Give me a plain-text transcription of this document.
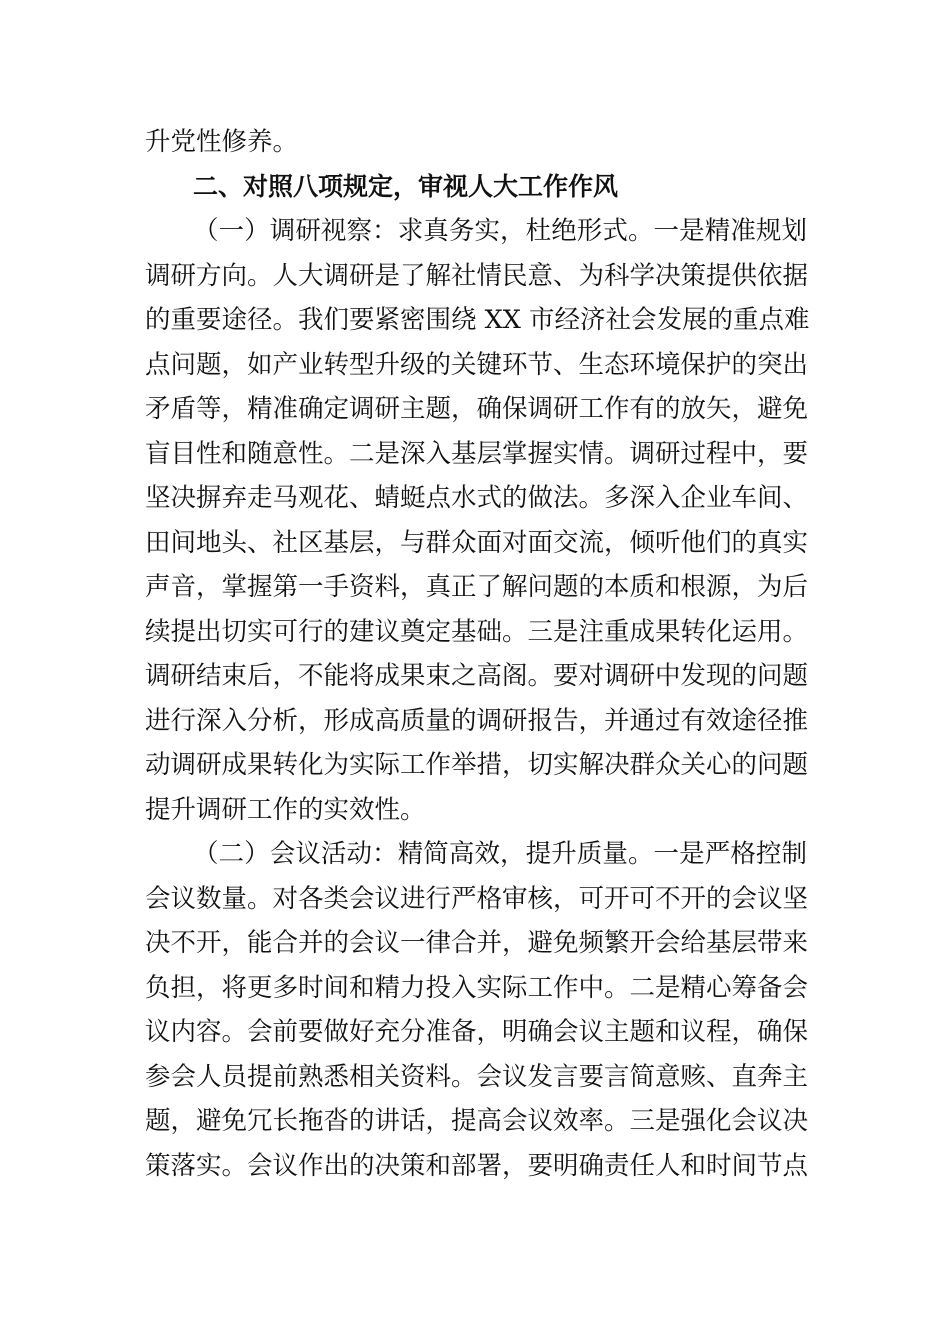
升党性修养。
二、对照八项规定，审视人大工作作风
（一）调研视察：求真务实，杜绝形式。一是精准规划
调研方向。人大调研是了解社情民意、为科学决策提供依据
的重要途径。我们要紧密围绕 XX 市经济社会发展的重点难
点问题，如产业转型升级的关键环节、生态环境保护的突出
矛盾等，精准确定调研主题，确保调研工作有的放矢，避免
盲目性和随意性。二是深入基层掌握实情。调研过程中，要
坚决摒弃走马观花、蜻蜓点水式的做法。多深入企业车间、
田间地头、社区基层，与群众面对面交流，倾听他们的真实
声音，掌握第一手资料，真正了解问题的本质和根源，为后
续提出切实可行的建议奠定基础。三是注重成果转化运用。
调研结束后，不能将成果束之高阁。要对调研中发现的问题
进行深入分析，形成高质量的调研报告，并通过有效途径推
动调研成果转化为实际工作举措，切实解决群众关心的问题
提升调研工作的实效性。
（二）会议活动：精简高效，提升质量。一是严格控制
会议数量。对各类会议进行严格审核，可开可不开的会议坚
决不开，能合并的会议一律合并，避免频繁开会给基层带来
负担，将更多时间和精力投入实际工作中。二是精心筹备会
议内容。会前要做好充分准备，明确会议主题和议程，确保
参会人员提前熟悉相关资料。会议发言要言简意赅、直奔主
题，避免冗长拖沓的讲话，提高会议效率。三是强化会议决
策落实。会议作出的决策和部署，要明确责任人和时间节点
